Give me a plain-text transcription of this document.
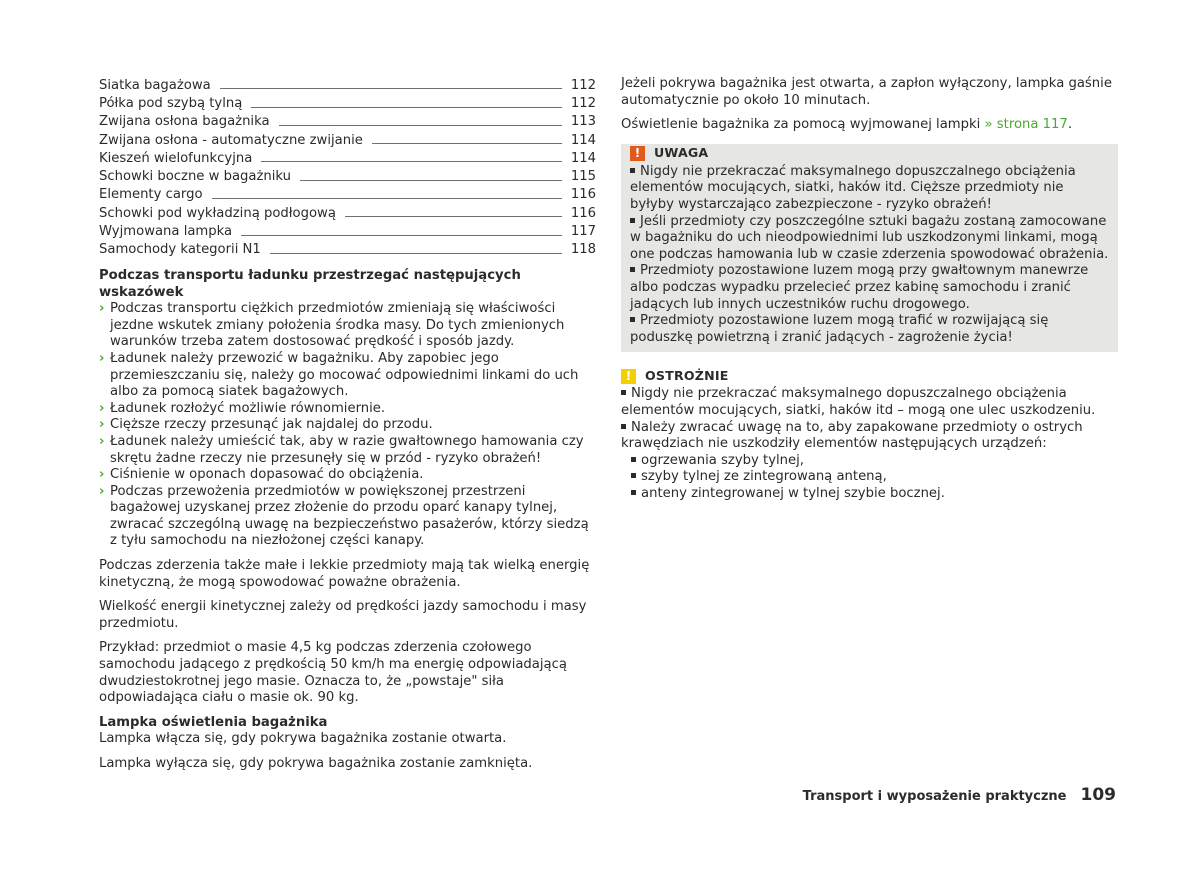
Siatka bagażowa	112
Półka pod szybą tylną	112
Zwijana osłona bagażnika	113
Zwijana osłona - automatyczne zwijanie	114
Kieszeń wielofunkcyjna	114
Schowki boczne w bagażniku	115
Elementy cargo	116
Schowki pod wykładziną podłogową	116
Wyjmowana lampka	117
Samochody kategorii N1	118

Podczas transportu ładunku przestrzegać następujących wskazówek

› Podczas transportu ciężkich przedmiotów zmieniają się właściwości jezdne wskutek zmiany położenia środka masy. Do tych zmienionych warunków trzeba zatem dostosować prędkość i sposób jazdy.
› Ładunek należy przewozić w bagażniku. Aby zapobiec jego przemieszczaniu się, należy go mocować odpowiednimi linkami do uch albo za pomocą siatek bagażowych.
› Ładunek rozłożyć możliwie równomiernie.
› Cięższe rzeczy przesunąć jak najdalej do przodu.
› Ładunek należy umieścić tak, aby w razie gwałtownego hamowania czy skrętu żadne rzeczy nie przesunęły się w przód - ryzyko obrażeń!
› Ciśnienie w oponach dopasować do obciążenia.
› Podczas przewożenia przedmiotów w powiększonej przestrzeni bagażowej uzyskanej przez złożenie do przodu oparć kanapy tylnej, zwracać szczególną uwagę na bezpieczeństwo pasażerów, którzy siedzą z tyłu samochodu na niezłożonej części kanapy.

Podczas zderzenia także małe i lekkie przedmioty mają tak wielką energię kinetyczną, że mogą spowodować poważne obrażenia.

Wielkość energii kinetycznej zależy od prędkości jazdy samochodu i masy przedmiotu.

Przykład: przedmiot o masie 4,5 kg podczas zderzenia czołowego samochodu jadącego z prędkością 50 km/h ma energię odpowiadającą dwudziestokrotnej jego masie. Oznacza to, że „powstaje" siła odpowiadająca ciału o masie ok. 90 kg.

Lampka oświetlenia bagażnika

Lampka włącza się, gdy pokrywa bagażnika zostanie otwarta.

Lampka wyłącza się, gdy pokrywa bagażnika zostanie zamknięta.

Jeżeli pokrywa bagażnika jest otwarta, a zapłon wyłączony, lampka gaśnie automatycznie po około 10 minutach.

Oświetlenie bagażnika za pomocą wyjmowanej lampki » strona 117.

!	UWAGA

Nigdy nie przekraczać maksymalnego dopuszczalnego obciążenia elementów mocujących, siatki, haków itd. Cięższe przedmioty nie byłyby wystarczająco zabezpieczone - ryzyko obrażeń!

Jeśli przedmioty czy poszczególne sztuki bagażu zostaną zamocowane w bagażniku do uch nieodpowiednimi lub uszkodzonymi linkami, mogą one podczas hamowania lub w czasie zderzenia spowodować obrażenia.

Przedmioty pozostawione luzem mogą przy gwałtownym manewrze albo podczas wypadku przelecieć przez kabinę samochodu i zranić jadących lub innych uczestników ruchu drogowego.

Przedmioty pozostawione luzem mogą trafić w rozwijającą się poduszkę powietrzną i zranić jadących - zagrożenie życia!

!	OSTROŻNIE

Nigdy nie przekraczać maksymalnego dopuszczalnego obciążenia elementów mocujących, siatki, haków itd – mogą one ulec uszkodzeniu.

Należy zwracać uwagę na to, aby zapakowane przedmioty o ostrych krawędziach nie uszkodziły elementów następujących urządzeń:

ogrzewania szyby tylnej,

szyby tylnej ze zintegrowaną anteną,

anteny zintegrowanej w tylnej szybie bocznej.

Transport i wyposażenie praktyczne 109
